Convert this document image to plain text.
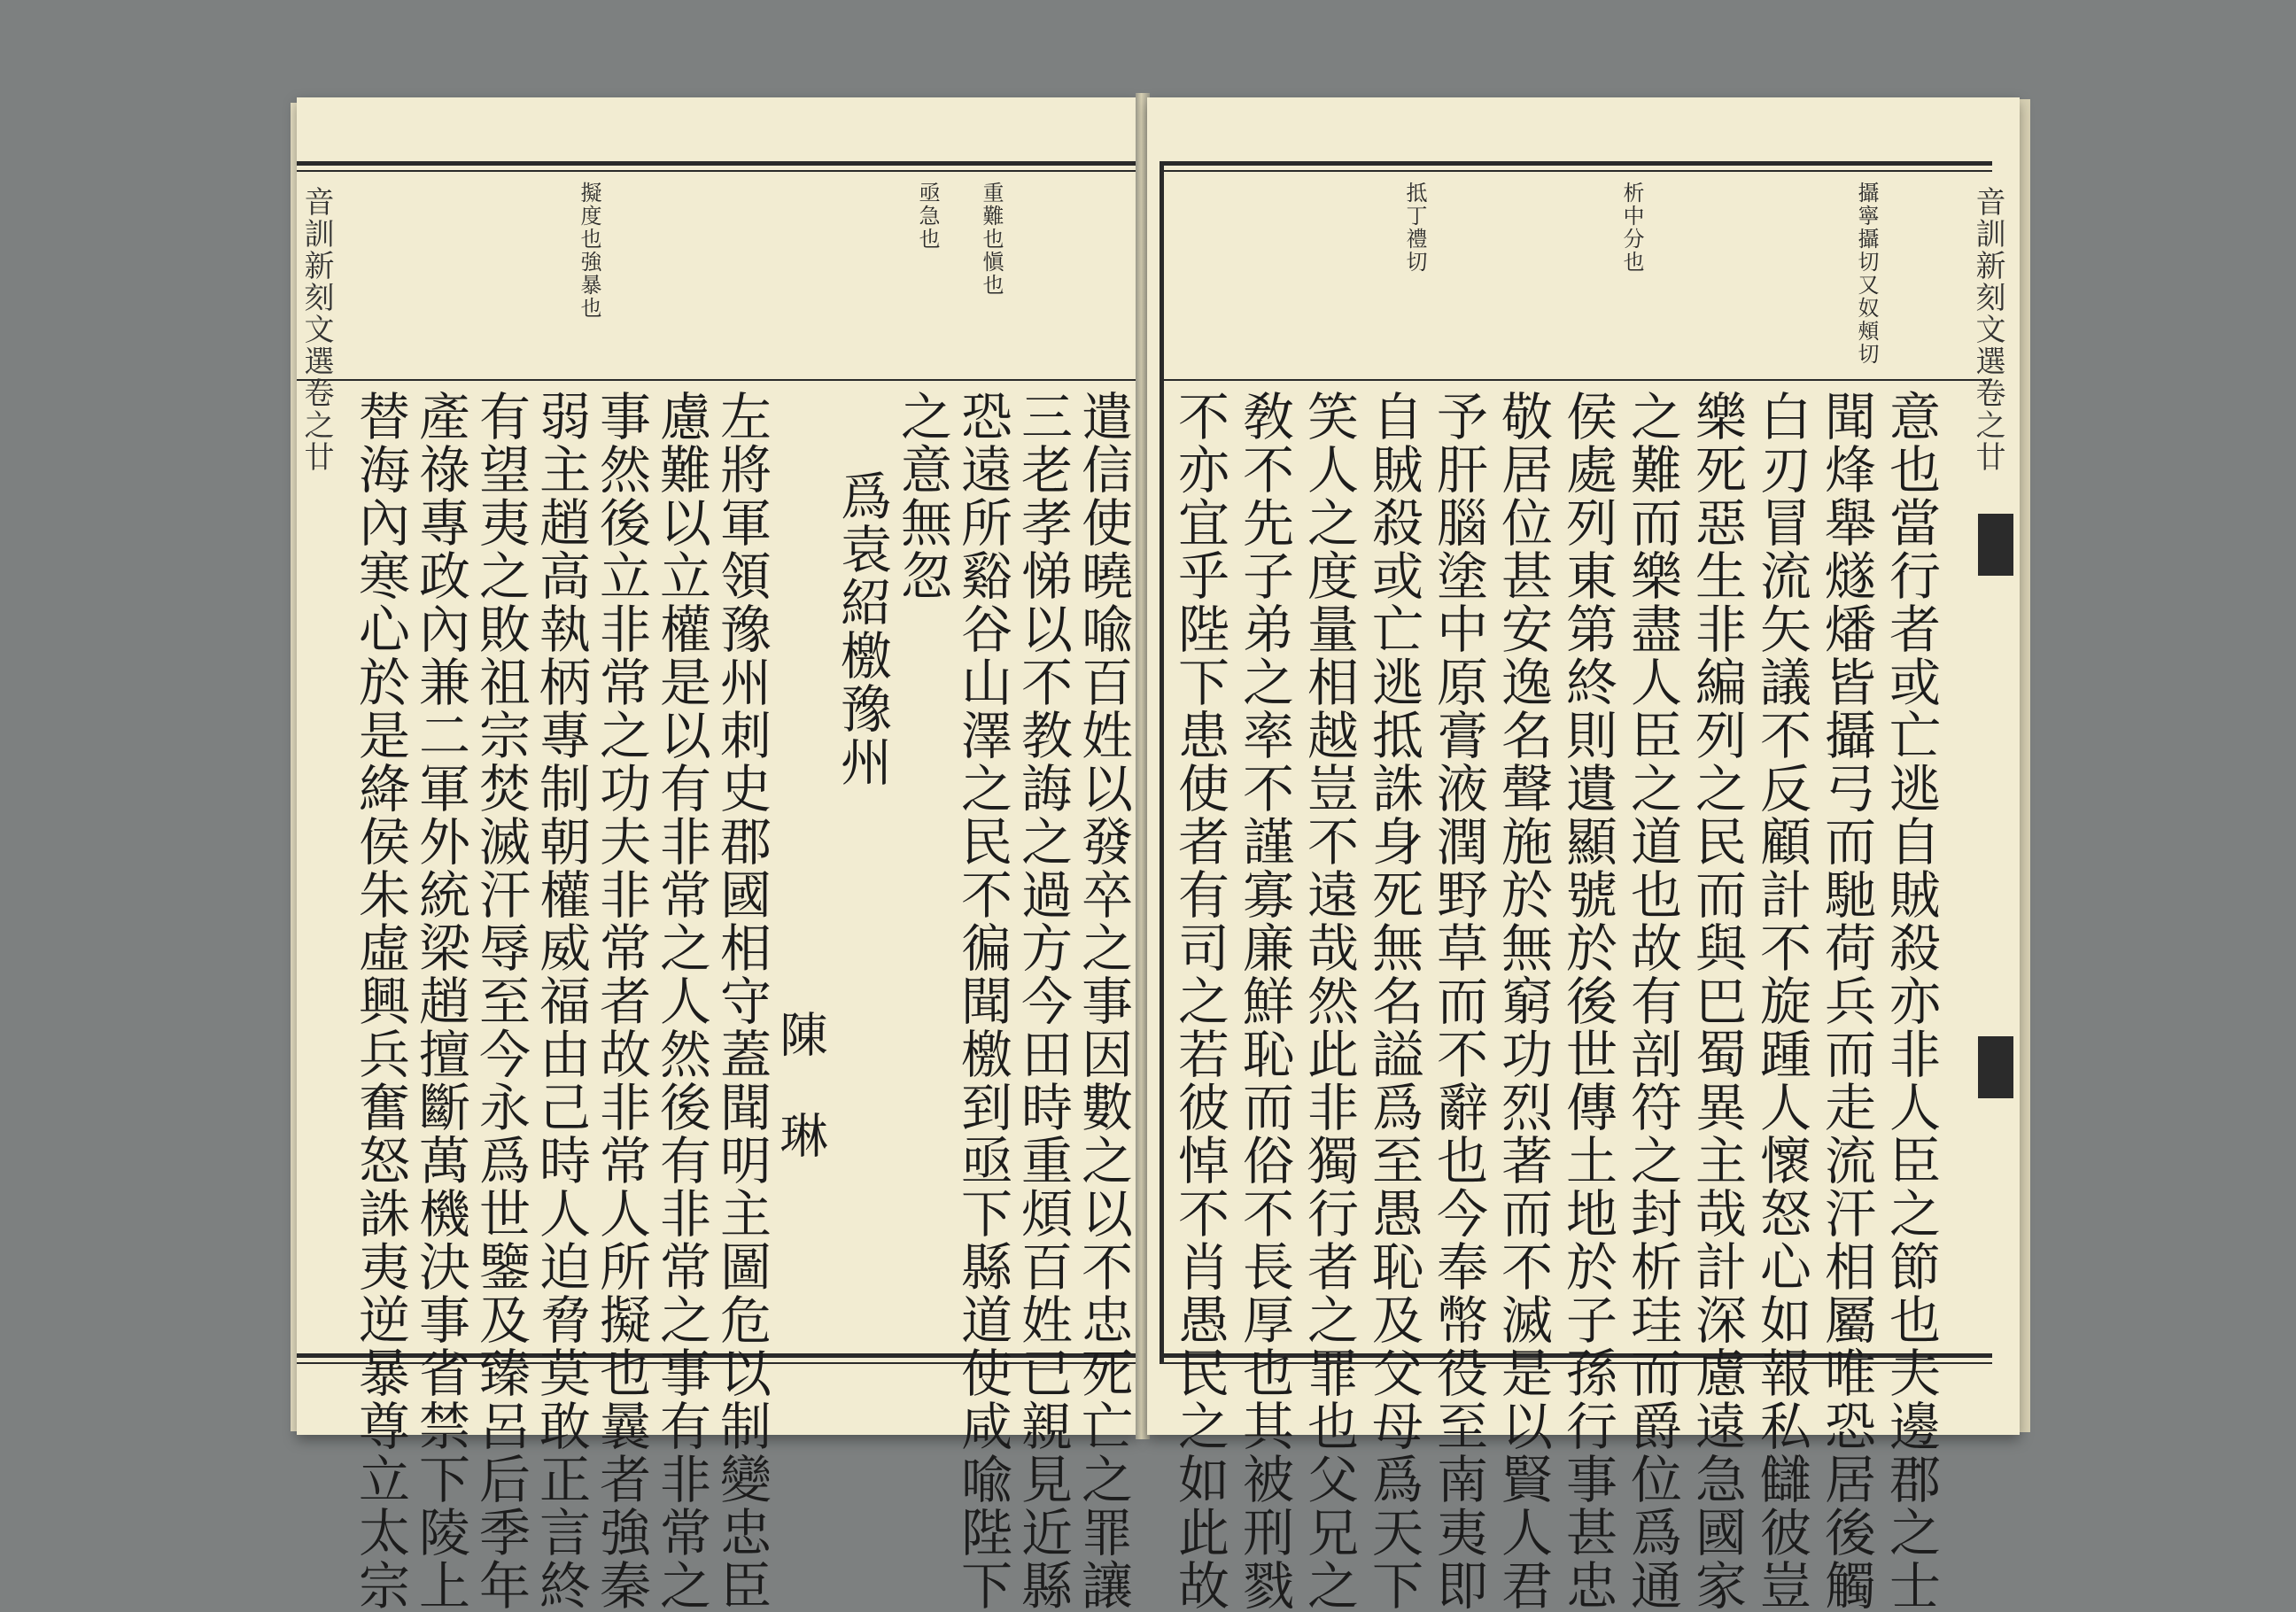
音訓新刻文選卷之廿	擬度也強暴也	亟急也 重難也愼也
替海內寒心於是絳侯朱虛興兵奮怒誅夷逆暴尊立太宗 產祿專政內兼二軍外統梁趙擅斷萬機決事省禁下陵上 有望夷之敗祖宗焚滅汗辱至今永爲世鑒及臻呂后季年 弱主趙高執柄專制朝權威福由己時人迫脅莫敢正言終 事然後立非常之功夫非常者故非常人所擬也曩者強秦 慮難以立權是以有非常之人然後有非常之事有非常之 左將軍領豫州刺史郡國相守蓋聞明主圖危以制變忠臣 陳琳
爲袁紹檄豫州 之意無忽 恐遠所谿谷山澤之民不徧聞檄到亟下縣道使咸喩陛下 三老孝悌以不教誨之過方今田時重煩百姓已親見近縣 遣信使曉喩百姓以發卒之事因數之以不忠死亡之罪讓
音訓新刻文選卷之廿
抵丁禮切	析中分也	攝寧攝切又奴頰切
不亦宜乎陛下患使者有司之若彼悼不肖愚民之如此故 敎不先子弟之率不謹寡廉鮮恥而俗不長厚也其被刑戮 笑人之度量相越豈不遠哉然此非獨行者之罪也父兄之 自賊殺或亡逃抵誅身死無名謚爲至愚恥及父母爲天下 予肝腦塗中原膏液潤野草而不辭也今奉幣役至南夷即 敬居位甚安逸名聲施於無窮功烈著而不滅是以賢人君 侯處列東第終則遺顯號於後世傳土地於子孫行事甚忠 之難而樂盡人臣之道也故有剖符之封析珪而爵位爲通 樂死惡生非編列之民而與巴蜀異主哉計深慮遠急國家 白刃冒流矢議不反顧計不旋踵人懷怒心如報私讎彼豈 聞烽舉燧燔皆攝弓而馳荷兵而走流汗相屬唯恐居後觸 意也當行者或亡逃自賊殺亦非人臣之節也夫邊郡之士
